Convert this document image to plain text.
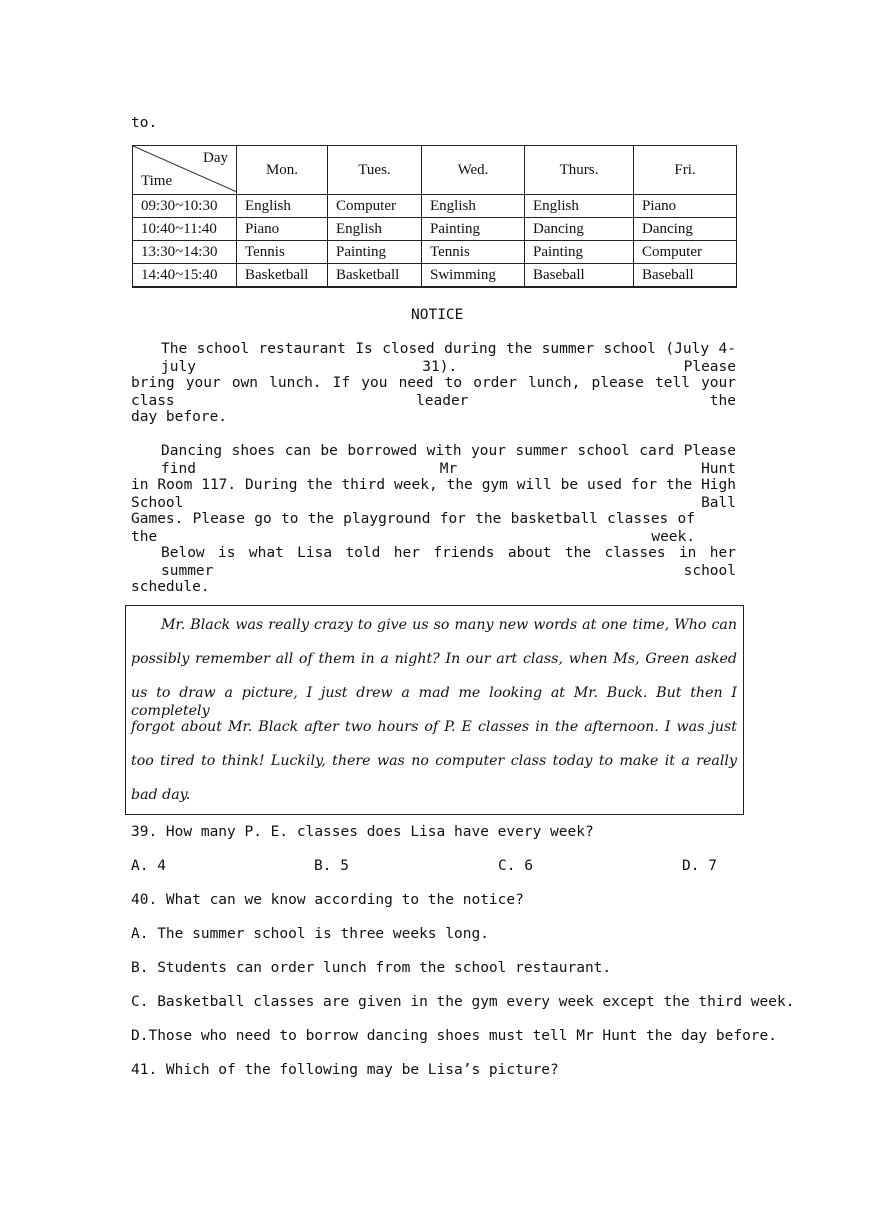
to.
Day
Time	Mon.	Tues.	Wed.	Thurs.	Fri.
09:30~10:30	English	Computer	English	English	Piano
10:40~11:40	Piano	English	Painting	Dancing	Dancing
13:30~14:30	Tennis	Painting	Tennis	Painting	Computer
14:40~15:40	Basketball	Basketball	Swimming	Baseball	Baseball
NOTICE
The school restaurant Is closed during the summer school (July 4-july 31). Please
bring your own lunch. If you need to order lunch, please tell your class leader the
day before.
Dancing shoes can be borrowed with your summer school card Please find Mr Hunt
in Room 117. During the third week, the gym will be used for the High School Ball
Games. Please go to the playground for the basketball classes of the week.
Below is what Lisa told her friends about the classes in her summer school
schedule.
Mr. Black was really crazy to give us so many new words at one time, Who can
possibly remember all of them in a night? In our art class, when Ms, Green asked
us to draw a picture, I just drew a mad me looking at Mr. Buck. But then I completely
forgot about Mr. Black after two hours of P. E classes in the afternoon. I was just
too tired to think! Luckily, there was no computer class today to make it a really
bad day.
39. How many P. E. classes does Lisa have every week?
A. 4	B. 5	C. 6	D. 7
40. What can we know according to the notice?
A. The summer school is three weeks long.
B. Students can order lunch from the school restaurant.
C. Basketball classes are given in the gym every week except the third week.
D.Those who need to borrow dancing shoes must tell Mr Hunt the day before.
41. Which of the following may be Lisa’s picture?
